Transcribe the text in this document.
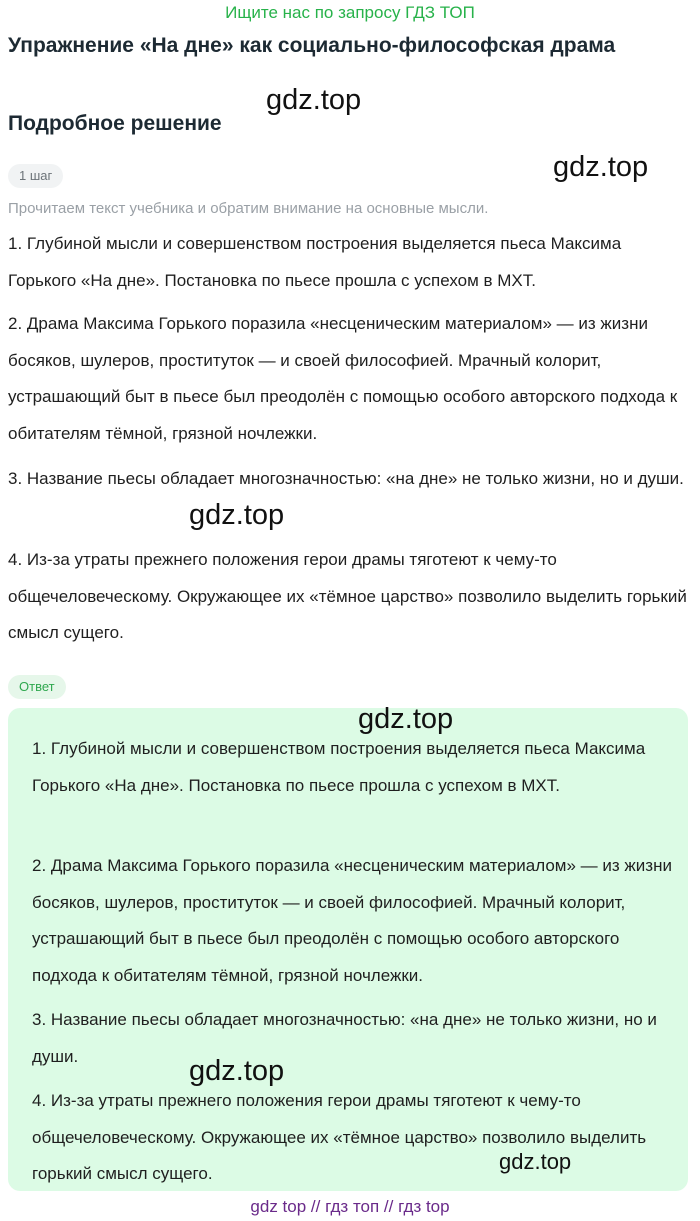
Ищите нас по запросу ГДЗ ТОП
Упражнение «На дне» как социально-философская драма
gdz.top
Подробное решение
gdz.top
1 шаг
Прочитаем текст учебника и обратим внимание на основные мысли.

1. Глубиной мысли и совершенством построения выделяется пьеса Максима Горького «На дне». Постановка по пьесе прошла с успехом в МХТ.

2. Драма Максима Горького поразила «несценическим материалом» — из жизни босяков, шулеров, проституток — и своей философией. Мрачный колорит, устрашающий быт в пьесе был преодолён с помощью особого авторского подхода к обитателям тёмной, грязной ночлежки.

3. Название пьесы обладает многозначностью: «на дне» не только жизни, но и души.

gdz.top

4. Из-за утраты прежнего положения герои драмы тяготеют к чему-то общечеловеческому. Окружающее их «тёмное царство» позволило выделить горький смысл сущего.

Ответ
gdz.top

1. Глубиной мысли и совершенством построения выделяется пьеса Максима Горького «На дне». Постановка по пьесе прошла с успехом в МХТ.

2. Драма Максима Горького поразила «несценическим материалом» — из жизни босяков, шулеров, проституток — и своей философией. Мрачный колорит, устрашающий быт в пьесе был преодолён с помощью особого авторского подхода к обитателям тёмной, грязной ночлежки.

3. Название пьесы обладает многозначностью: «на дне» не только жизни, но и души.	gdz.top

4. Из-за утраты прежнего положения герои драмы тяготеют к чему-то общечеловеческому. Окружающее их «тёмное царство» позволило выделить горький смысл сущего.	gdz.top
gdz top // гдз топ // гдз top
